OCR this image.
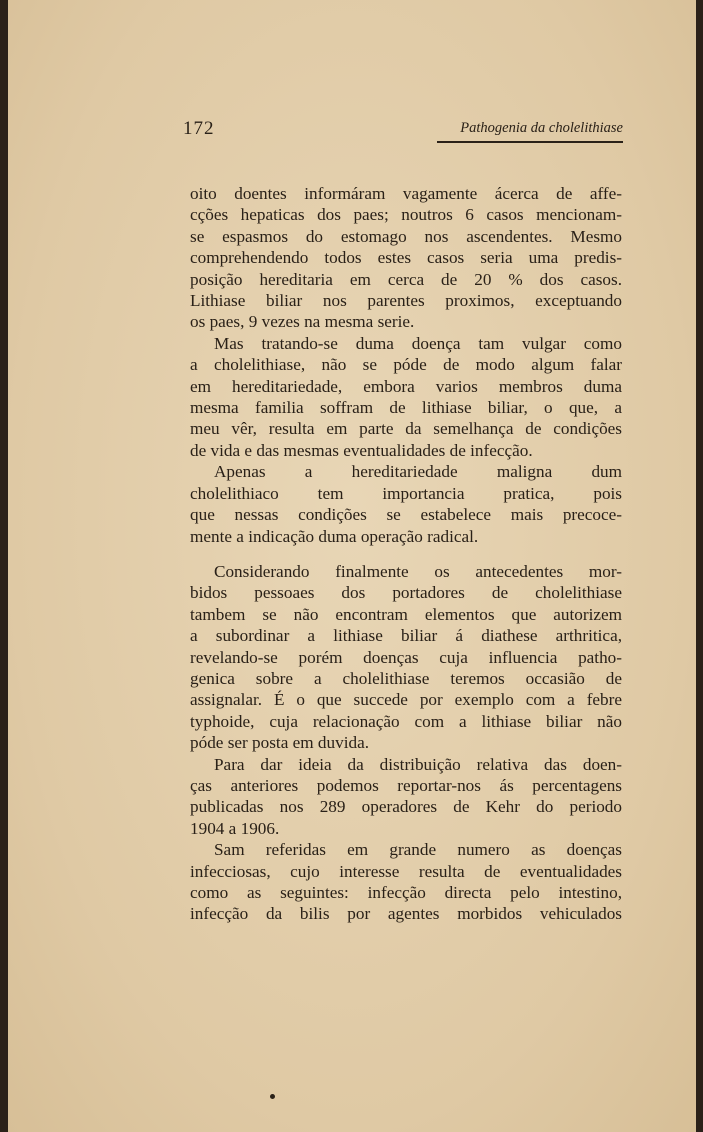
172	Pathogenia da cholelithiase
oito doentes informáram vagamente ácerca de affe-
cções hepaticas dos paes; noutros 6 casos mencionam-
se espasmos do estomago nos ascendentes. Mesmo
comprehendendo todos estes casos seria uma predis-
posição hereditaria em cerca de 20 % dos casos.
Lithiase biliar nos parentes proximos, exceptuando
os paes, 9 vezes na mesma serie.
Mas tratando-se duma doença tam vulgar como
a cholelithiase, não se póde de modo algum falar
em hereditariedade, embora varios membros duma
mesma familia soffram de lithiase biliar, o que, a
meu vêr, resulta em parte da semelhança de condições
de vida e das mesmas eventualidades de infecção.
Apenas a hereditariedade maligna dum
cholelithiaco tem importancia pratica, pois
que nessas condições se estabelece mais precoce-
mente a indicação duma operação radical.
Considerando finalmente os antecedentes mor-
bidos pessoaes dos portadores de cholelithiase
tambem se não encontram elementos que autorizem
a subordinar a lithiase biliar á diathese arthritica,
revelando-se porém doenças cuja influencia patho-
genica sobre a cholelithiase teremos occasião de
assignalar. É o que succede por exemplo com a febre
typhoide, cuja relacionação com a lithiase biliar não
póde ser posta em duvida.
Para dar ideia da distribuição relativa das doen-
ças anteriores podemos reportar-nos ás percentagens
publicadas nos 289 operadores de Kehr do periodo
1904 a 1906.
Sam referidas em grande numero as doenças
infecciosas, cujo interesse resulta de eventualidades
como as seguintes: infecção directa pelo intestino,
infecção da bilis por agentes morbidos vehiculados
